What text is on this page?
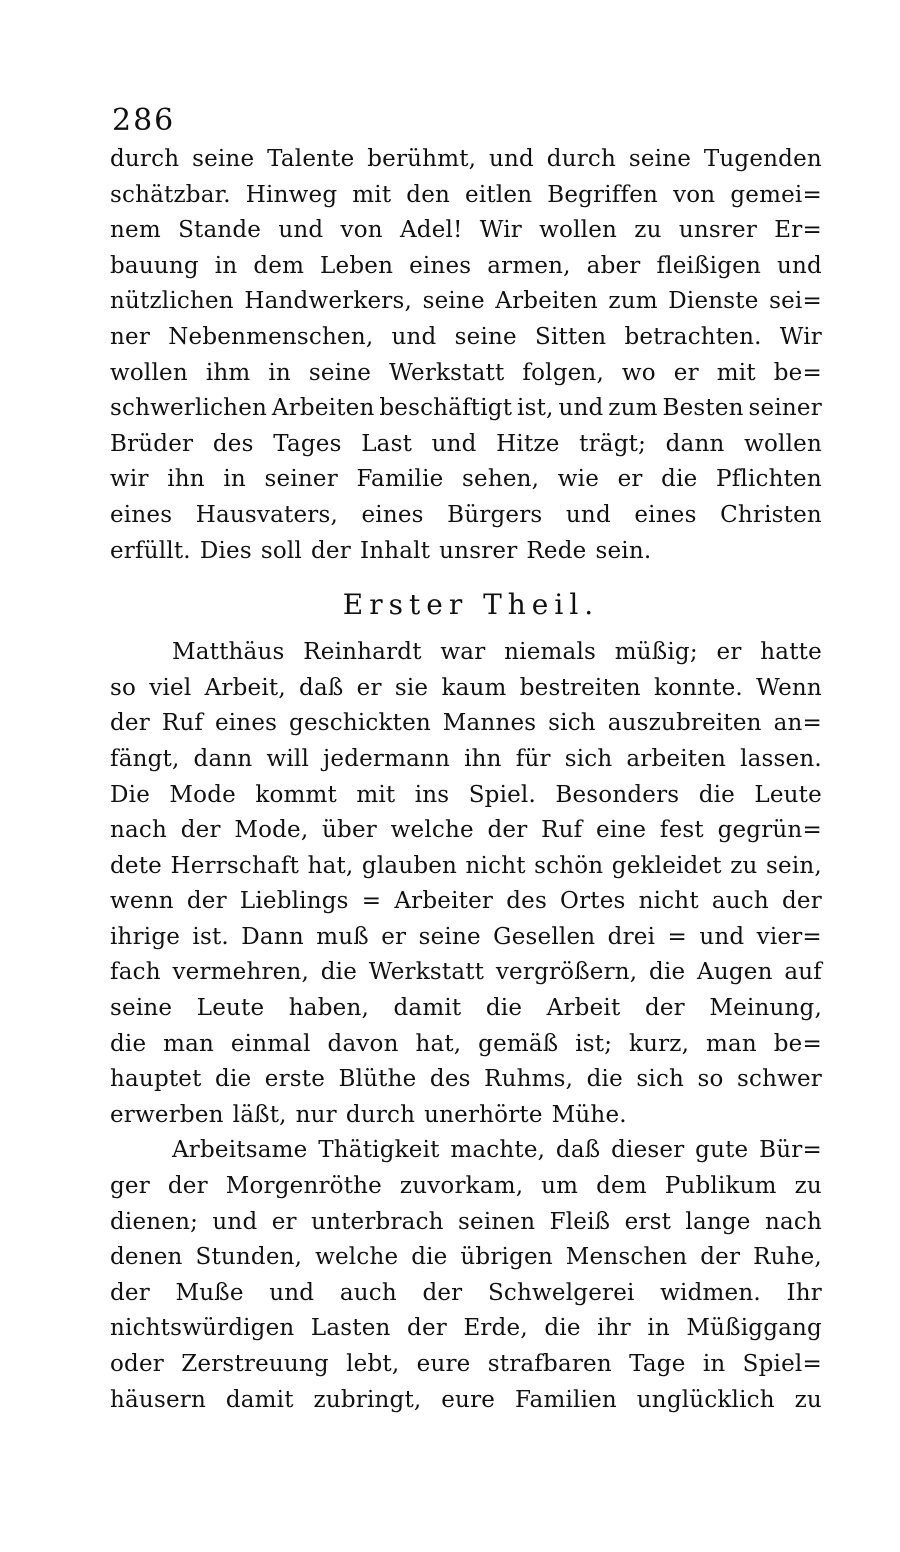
286
durch seine Talente berühmt, und durch seine Tugenden
schätzbar. Hinweg mit den eitlen Begriffen von gemei=
nem Stande und von Adel! Wir wollen zu unsrer Er=
bauung in dem Leben eines armen, aber fleißigen und
nützlichen Handwerkers, seine Arbeiten zum Dienste sei=
ner Nebenmenschen, und seine Sitten betrachten. Wir
wollen ihm in seine Werkstatt folgen, wo er mit be=
schwerlichen Arbeiten beschäftigt ist, und zum Besten seiner
Brüder des Tages Last und Hitze trägt; dann wollen
wir ihn in seiner Familie sehen, wie er die Pflichten
eines Hausvaters, eines Bürgers und eines Christen
erfüllt. Dies soll der Inhalt unsrer Rede sein.
Erster Theil.
Matthäus Reinhardt war niemals müßig; er hatte
so viel Arbeit, daß er sie kaum bestreiten konnte. Wenn
der Ruf eines geschickten Mannes sich auszubreiten an=
fängt, dann will jedermann ihn für sich arbeiten lassen.
Die Mode kommt mit ins Spiel. Besonders die Leute
nach der Mode, über welche der Ruf eine fest gegrün=
dete Herrschaft hat, glauben nicht schön gekleidet zu sein,
wenn der Lieblings = Arbeiter des Ortes nicht auch der
ihrige ist. Dann muß er seine Gesellen drei = und vier=
fach vermehren, die Werkstatt vergrößern, die Augen auf
seine Leute haben, damit die Arbeit der Meinung,
die man einmal davon hat, gemäß ist; kurz, man be=
hauptet die erste Blüthe des Ruhms, die sich so schwer
erwerben läßt, nur durch unerhörte Mühe.
Arbeitsame Thätigkeit machte, daß dieser gute Bür=
ger der Morgenröthe zuvorkam, um dem Publikum zu
dienen; und er unterbrach seinen Fleiß erst lange nach
denen Stunden, welche die übrigen Menschen der Ruhe,
der Muße und auch der Schwelgerei widmen. Ihr
nichtswürdigen Lasten der Erde, die ihr in Müßiggang
oder Zerstreuung lebt, eure strafbaren Tage in Spiel=
häusern damit zubringt, eure Familien unglücklich zu
